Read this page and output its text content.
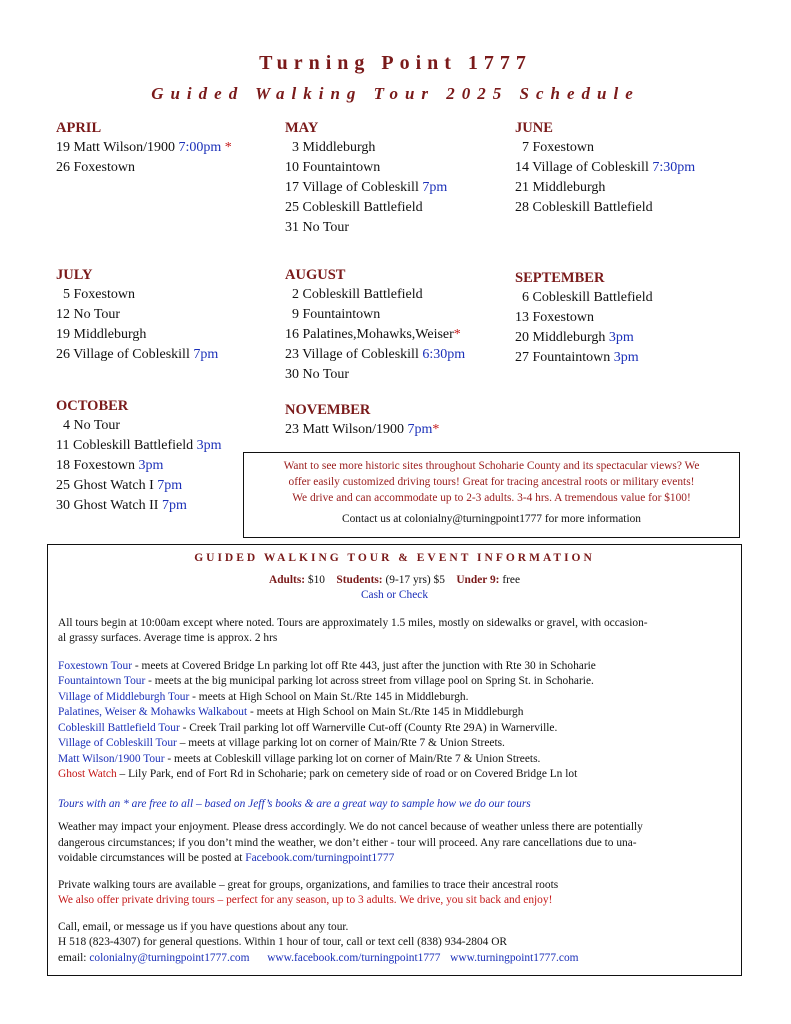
Turning Point 1777
Guided Walking Tour 2025 Schedule
APRIL
19 Matt Wilson/1900 7:00pm *
26 Foxestown
MAY
3 Middleburgh
10 Fountaintown
17 Village of Cobleskill 7pm
25 Cobleskill Battlefield
31 No Tour
JUNE
7 Foxestown
14 Village of Cobleskill 7:30pm
21 Middleburgh
28 Cobleskill Battlefield
JULY
5 Foxestown
12 No Tour
19 Middleburgh
26 Village of Cobleskill 7pm
AUGUST
2 Cobleskill Battlefield
9 Fountaintown
16 Palatines,Mohawks,Weiser*
23 Village of Cobleskill 6:30pm
30 No Tour
SEPTEMBER
6 Cobleskill Battlefield
13 Foxestown
20 Middleburgh 3pm
27 Fountaintown 3pm
OCTOBER
4 No Tour
11 Cobleskill Battlefield 3pm
18 Foxestown 3pm
25 Ghost Watch I 7pm
30 Ghost Watch II 7pm
NOVEMBER
23 Matt Wilson/1900 7pm*
Want to see more historic sites throughout Schoharie County and its spectacular views? We
offer easily customized driving tours! Great for tracing ancestral roots or military events!
We drive and can accommodate up to 2-3 adults. 3-4 hrs. A tremendous value for $100!
Contact us at colonialny@turningpoint1777 for more information
GUIDED WALKING TOUR & EVENT INFORMATION
Adults: $10    Students: (9-17 yrs) $5    Under 9: free
Cash or Check
All tours begin at 10:00am except where noted. Tours are approximately 1.5 miles, mostly on sidewalks or gravel, with occasion-
al grassy surfaces. Average time is approx. 2 hrs
Foxestown Tour - meets at Covered Bridge Ln parking lot off Rte 443, just after the junction with Rte 30 in Schoharie
Fountaintown Tour - meets at the big municipal parking lot across street from village pool on Spring St. in Schoharie.
Village of Middleburgh Tour - meets at High School on Main St./Rte 145 in Middleburgh.
Palatines, Weiser & Mohawks Walkabout - meets at High School on Main St./Rte 145 in Middleburgh
Cobleskill Battlefield Tour - Creek Trail parking lot off Warnerville Cut-off (County Rte 29A) in Warnerville.
Village of Cobleskill Tour – meets at village parking lot on corner of Main/Rte 7 & Union Streets.
Matt Wilson/1900 Tour - meets at Cobleskill village parking lot on corner of Main/Rte 7 & Union Streets.
Ghost Watch – Lily Park, end of Fort Rd in Schoharie; park on cemetery side of road or on Covered Bridge Ln lot
Tours with an * are free to all – based on Jeff’s books & are a great way to sample how we do our tours
Weather may impact your enjoyment. Please dress accordingly. We do not cancel because of weather unless there are potentially
dangerous circumstances; if you don’t mind the weather, we don’t either - tour will proceed. Any rare cancellations due to una-
voidable circumstances will be posted at Facebook.com/turningpoint1777
Private walking tours are available – great for groups, organizations, and families to trace their ancestral roots
We also offer private driving tours – perfect for any season, up to 3 adults. We drive, you sit back and enjoy!
Call, email, or message us if you have questions about any tour.
H 518 (823-4307) for general questions. Within 1 hour of tour, call or text cell (838) 934-2804 OR
email: colonialny@turningpoint1777.com www.facebook.com/turningpoint1777 www.turningpoint1777.com
